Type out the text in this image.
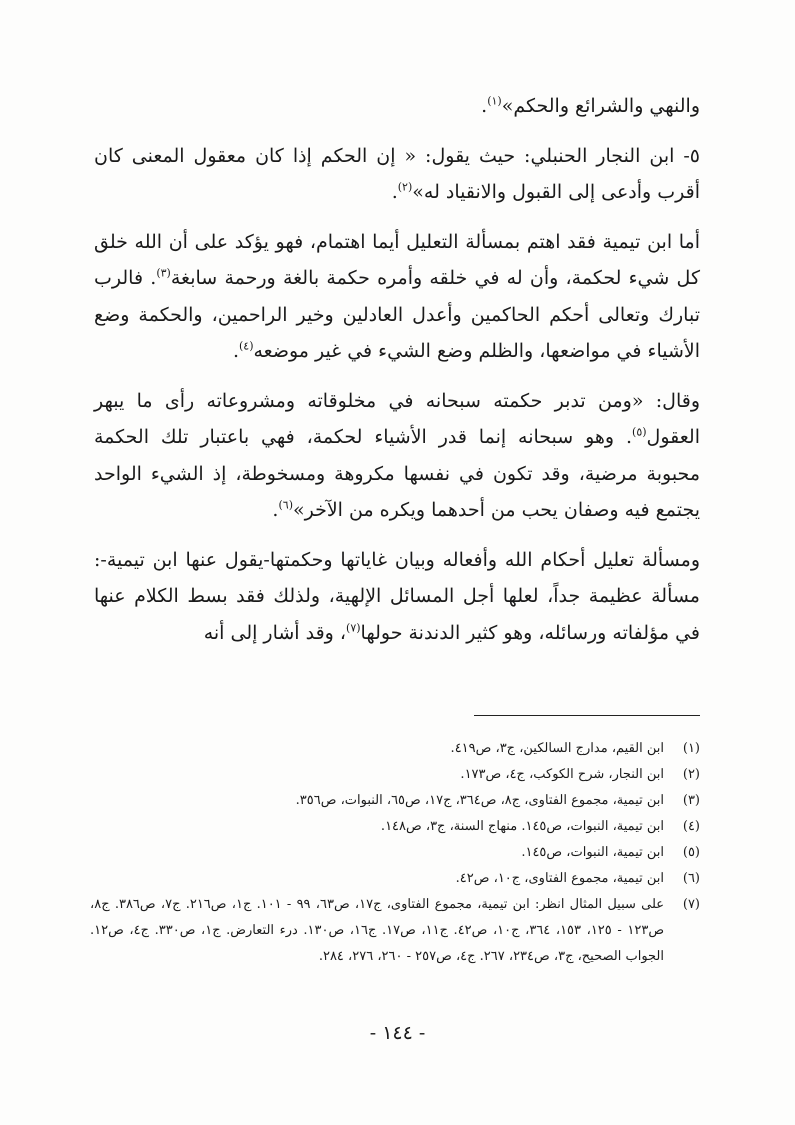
والنهي والشرائع والحكم»$^{(١)}$.

٥- ابن النجار الحنبلي: حيث يقول: « إن الحكم إذا كان معقول المعنى كان أقرب وأدعى إلى القبول والانقياد له»$^{(٢)}$.

أما ابن تيمية فقد اهتم بمسألة التعليل أيما اهتمام، فهو يؤكد على أن الله خلق كل شيء لحكمة، وأن له في خلقه وأمره حكمة بالغة ورحمة سابغة$^{(٣)}$. فالرب تبارك وتعالى أحكم الحاكمين وأعدل العادلين وخير الراحمين، والحكمة وضع الأشياء في مواضعها، والظلم وضع الشيء في غير موضعه$^{(٤)}$.

وقال: «ومن تدبر حكمته سبحانه في مخلوقاته ومشروعاته رأى ما يبهر العقول$^{(٥)}$. وهو سبحانه إنما قدر الأشياء لحكمة، فهي باعتبار تلك الحكمة محبوبة مرضية، وقد تكون في نفسها مكروهة ومسخوطة، إذ الشيء الواحد يجتمع فيه وصفان يحب من أحدهما ويكره من الآخر»$^{(٦)}$.

ومسألة تعليل أحكام الله وأفعاله وبيان غاياتها وحكمتها-يقول عنها ابن تيمية-: مسألة عظيمة جداً، لعلها أجل المسائل الإلهية، ولذلك فقد بسط الكلام عنها في مؤلفاته ورسائله، وهو كثير الدندنة حولها$^{(٧)}$، وقد أشار إلى أنه

(١)
ابن القيم، مدارج السالكين، ج٣، ص٤١٩.
(٢)
ابن النجار، شرح الكوكب، ج٤، ص١٧٣.
(٣)
ابن تيمية، مجموع الفتاوى، ج٨، ص٣٦٤، ج١٧، ص٦٥، النبوات، ص٣٥٦.
(٤)
ابن تيمية، النبوات، ص١٤٥. منهاج السنة، ج٣، ص١٤٨.
(٥)
ابن تيمية، النبوات، ص١٤٥.
(٦)
ابن تيمية، مجموع الفتاوى، ج١٠، ص٤٢.
(٧)
على سبيل المثال انظر: ابن تيمية، مجموع الفتاوى، ج١٧، ص٦٣، ٩٩ - ١٠١. ج١، ص٢١٦. ج٧، ص٣٨٦. ج٨، ص١٢٣ - ١٢٥، ١٥٣، ٣٦٤، ج١٠، ص٤٢. ج١١، ص١٧. ج١٦، ص١٣٠. درء التعارض. ج١، ص٣٣٠. ج٤، ص١٢. الجواب الصحيح، ج٣، ص٢٣٤، ٢٦٧. ج٤، ص٢٥٧ - ٢٦٠، ٢٧٦، ٢٨٤.
- ١٤٤ -
